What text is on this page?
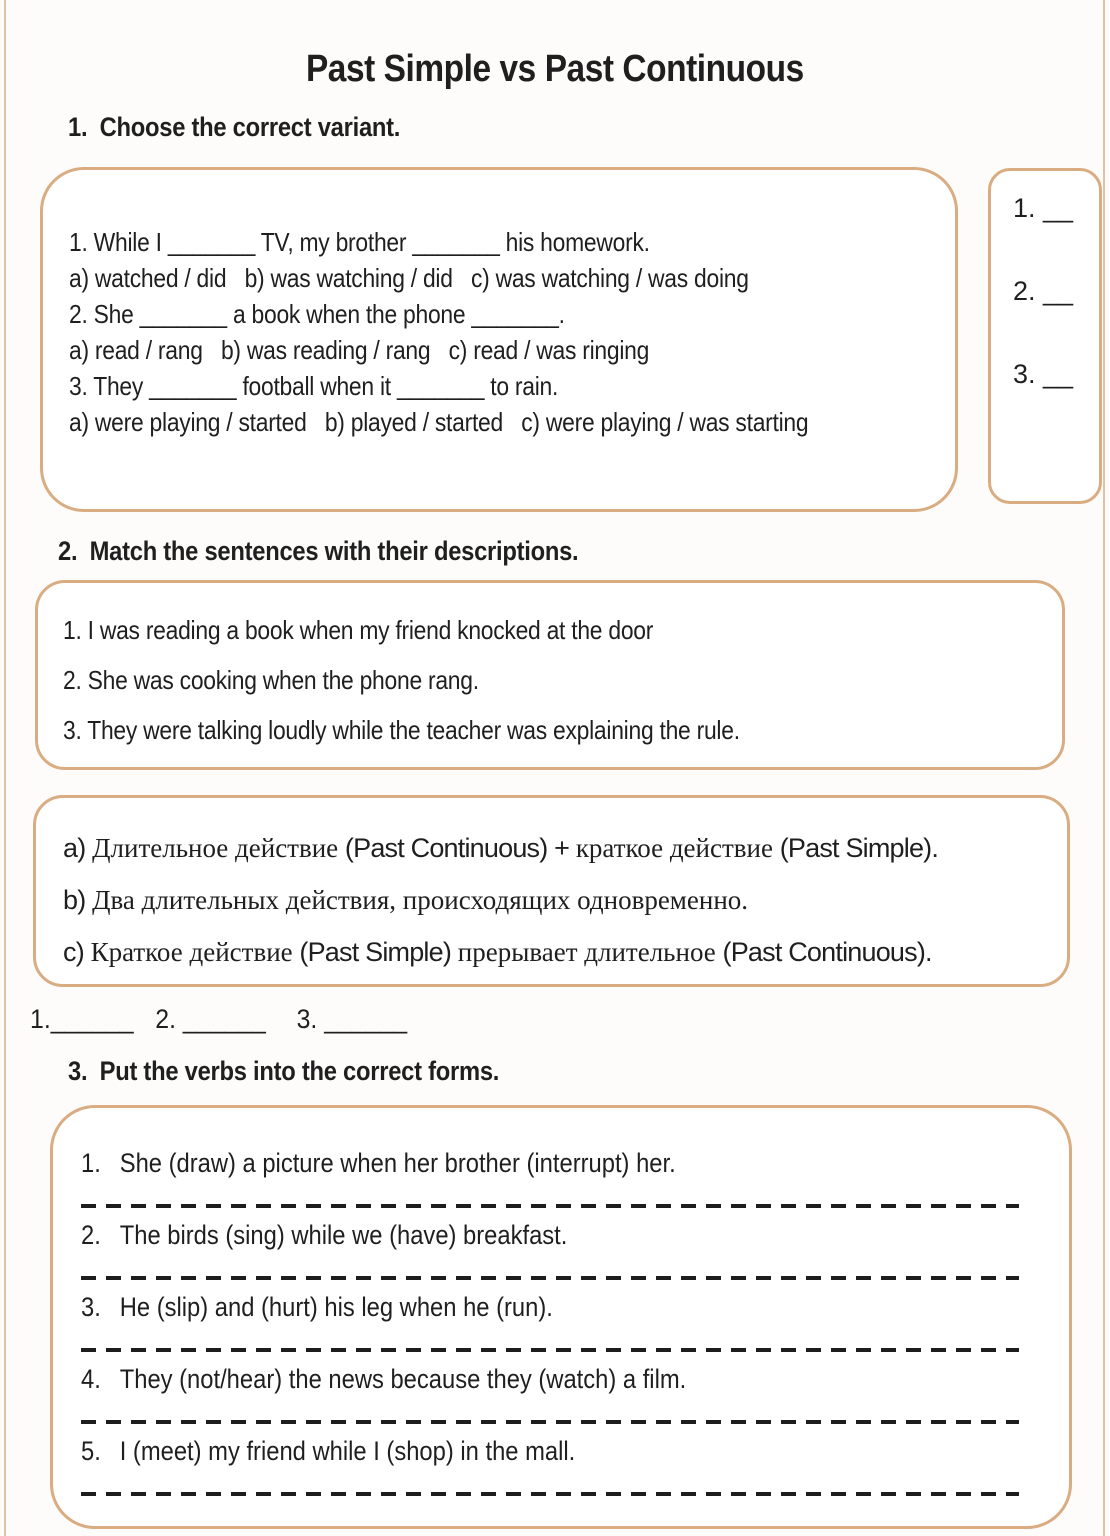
Past Simple vs Past Continuous
1. Choose the correct variant.
1. While I _______ TV, my brother _______ his homework.
a) watched / did   b) was watching / did   c) was watching / was doing
2. She _______ a book when the phone _______.
a) read / rang   b) was reading / rang   c) read / was ringing
3. They _______ football when it _______ to rain.
a) were playing / started   b) played / started   c) were playing / was starting
1. __
2. __
3. __
2. Match the sentences with their descriptions.
1. I was reading a book when my friend knocked at the door
2. She was cooking when the phone rang.
3. They were talking loudly while the teacher was explaining the rule.
a) Длительное действие (Past Continuous) + краткое действие (Past Simple).
b) Два длительных действия, происходящих одновременно.
c) Краткое действие (Past Simple) прерывает длительное (Past Continuous).
1.______ 2. ______ 3. ______
3. Put the verbs into the correct forms.
1. She (draw) a picture when her brother (interrupt) her.
2. The birds (sing) while we (have) breakfast.
3. He (slip) and (hurt) his leg when he (run).
4. They (not/hear) the news because they (watch) a film.
5. I (meet) my friend while I (shop) in the mall.
